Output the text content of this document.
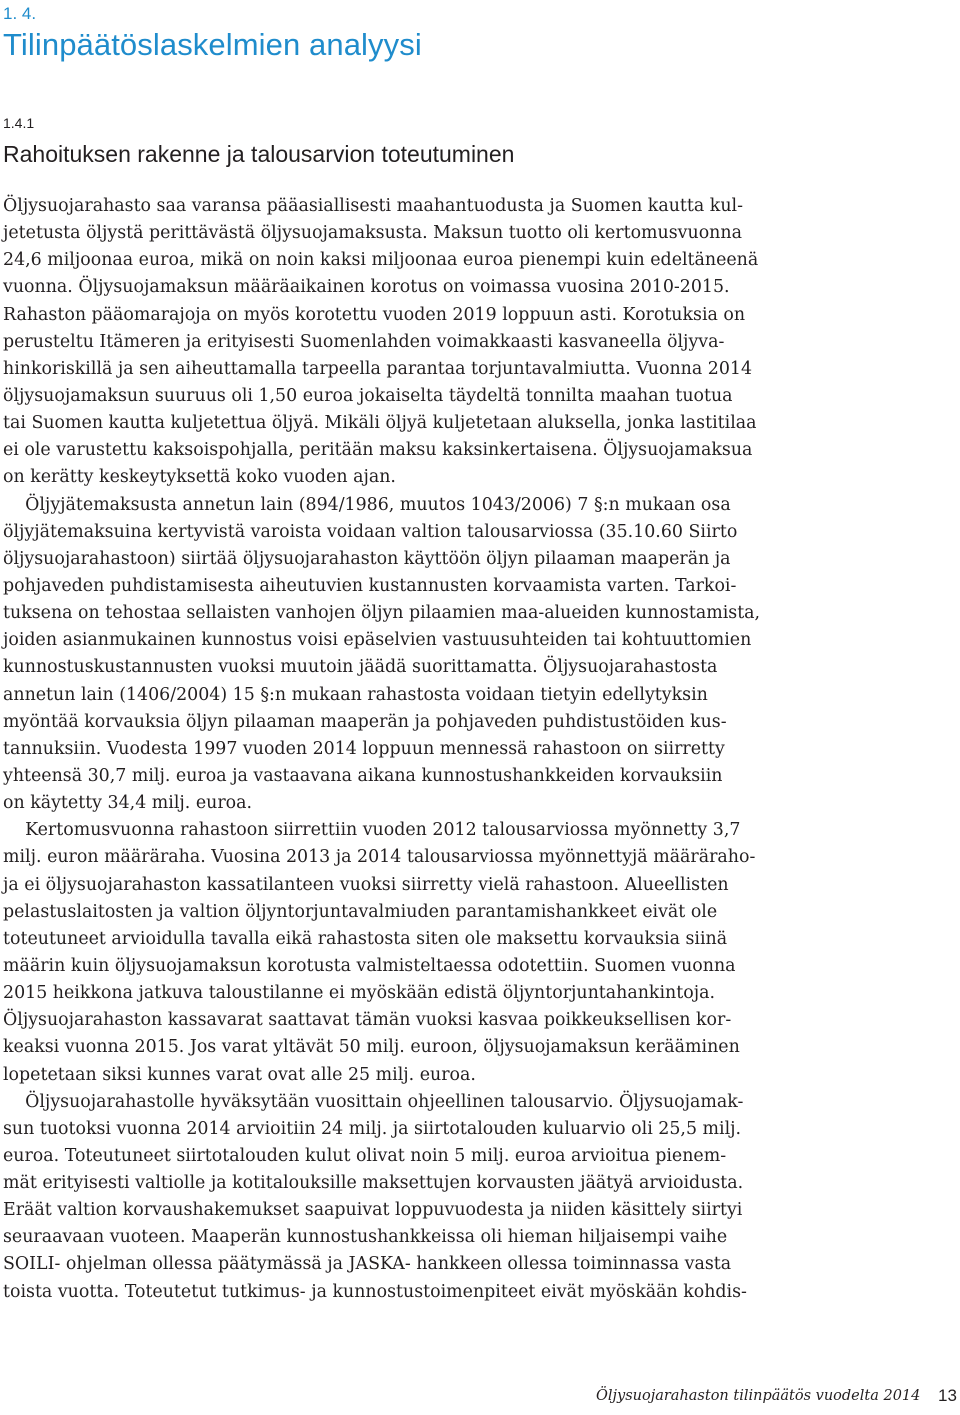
1. 4.
Tilinpäätöslaskelmien analyysi
1.4.1
Rahoituksen rakenne ja talousarvion toteutuminen
Öljysuojarahasto saa varansa pääasiallisesti maahantuodusta ja Suomen kautta kul-
jetetusta öljystä perittävästä öljysuojamaksusta. Maksun tuotto oli kertomusvuonna
24,6 miljoonaa euroa, mikä on noin kaksi miljoonaa euroa pienempi kuin edeltäneenä
vuonna. Öljysuojamaksun määräaikainen korotus on voimassa vuosina 2010-2015.
Rahaston pääomarajoja on myös korotettu vuoden 2019 loppuun asti. Korotuksia on
perusteltu Itämeren ja erityisesti Suomenlahden voimakkaasti kasvaneella öljyva-
hinkoriskillä ja sen aiheuttamalla tarpeella parantaa torjuntavalmiutta. Vuonna 2014
öljysuojamaksun suuruus oli 1,50 euroa jokaiselta täydeltä tonnilta maahan tuotua
tai Suomen kautta kuljetettua öljyä. Mikäli öljyä kuljetetaan aluksella, jonka lastitilaa
ei ole varustettu kaksoispohjalla, peritään maksu kaksinkertaisena. Öljysuojamaksua
on kerätty keskeytyksettä koko vuoden ajan.
Öljyjätemaksusta annetun lain (894/1986, muutos 1043/2006) 7 §:n mukaan osa
öljyjätemaksuina kertyvistä varoista voidaan valtion talousarviossa (35.10.60 Siirto
öljysuojarahastoon) siirtää öljysuojarahaston käyttöön öljyn pilaaman maaperän ja
pohjaveden puhdistamisesta aiheutuvien kustannusten korvaamista varten. Tarkoi-
tuksena on tehostaa sellaisten vanhojen öljyn pilaamien maa-alueiden kunnostamista,
joiden asianmukainen kunnostus voisi epäselvien vastuusuhteiden tai kohtuuttomien
kunnostuskustannusten vuoksi muutoin jäädä suorittamatta. Öljysuojarahastosta
annetun lain (1406/2004) 15 §:n mukaan rahastosta voidaan tietyin edellytyksin
myöntää korvauksia öljyn pilaaman maaperän ja pohjaveden puhdistustöiden kus-
tannuksiin. Vuodesta 1997 vuoden 2014 loppuun mennessä rahastoon on siirretty
yhteensä 30,7 milj. euroa ja vastaavana aikana kunnostushankkeiden korvauksiin
on käytetty 34,4 milj. euroa.
Kertomusvuonna rahastoon siirrettiin vuoden 2012 talousarviossa myönnetty 3,7
milj. euron määräraha. Vuosina 2013 ja 2014 talousarviossa myönnettyjä määräraho-
ja ei öljysuojarahaston kassatilanteen vuoksi siirretty vielä rahastoon. Alueellisten
pelastuslaitosten ja valtion öljyntorjuntavalmiuden parantamishankkeet eivät ole
toteutuneet arvioidulla tavalla eikä rahastosta siten ole maksettu korvauksia siinä
määrin kuin öljysuojamaksun korotusta valmisteltaessa odotettiin. Suomen vuonna
2015 heikkona jatkuva taloustilanne ei myöskään edistä öljyntorjuntahankintoja.
Öljysuojarahaston kassavarat saattavat tämän vuoksi kasvaa poikkeuksellisen kor-
keaksi vuonna 2015. Jos varat yltävät 50 milj. euroon, öljysuojamaksun kerääminen
lopetetaan siksi kunnes varat ovat alle 25 milj. euroa.
Öljysuojarahastolle hyväksytään vuosittain ohjeellinen talousarvio. Öljysuojamak-
sun tuotoksi vuonna 2014 arvioitiin 24 milj. ja siirtotalouden kuluarvio oli 25,5 milj.
euroa. Toteutuneet siirtotalouden kulut olivat noin 5 milj. euroa arvioitua pienem-
mät erityisesti valtiolle ja kotitalouksille maksettujen korvausten jäätyä arvioidusta.
Eräät valtion korvaushakemukset saapuivat loppuvuodesta ja niiden käsittely siirtyi
seuraavaan vuoteen. Maaperän kunnostushankkeissa oli hieman hiljaisempi vaihe
SOILI- ohjelman ollessa päätymässä ja JASKA- hankkeen ollessa toiminnassa vasta
toista vuotta. Toteutetut tutkimus- ja kunnostustoimenpiteet eivät myöskään kohdis-
Öljysuojarahaston tilinpäätös vuodelta 2014 13
